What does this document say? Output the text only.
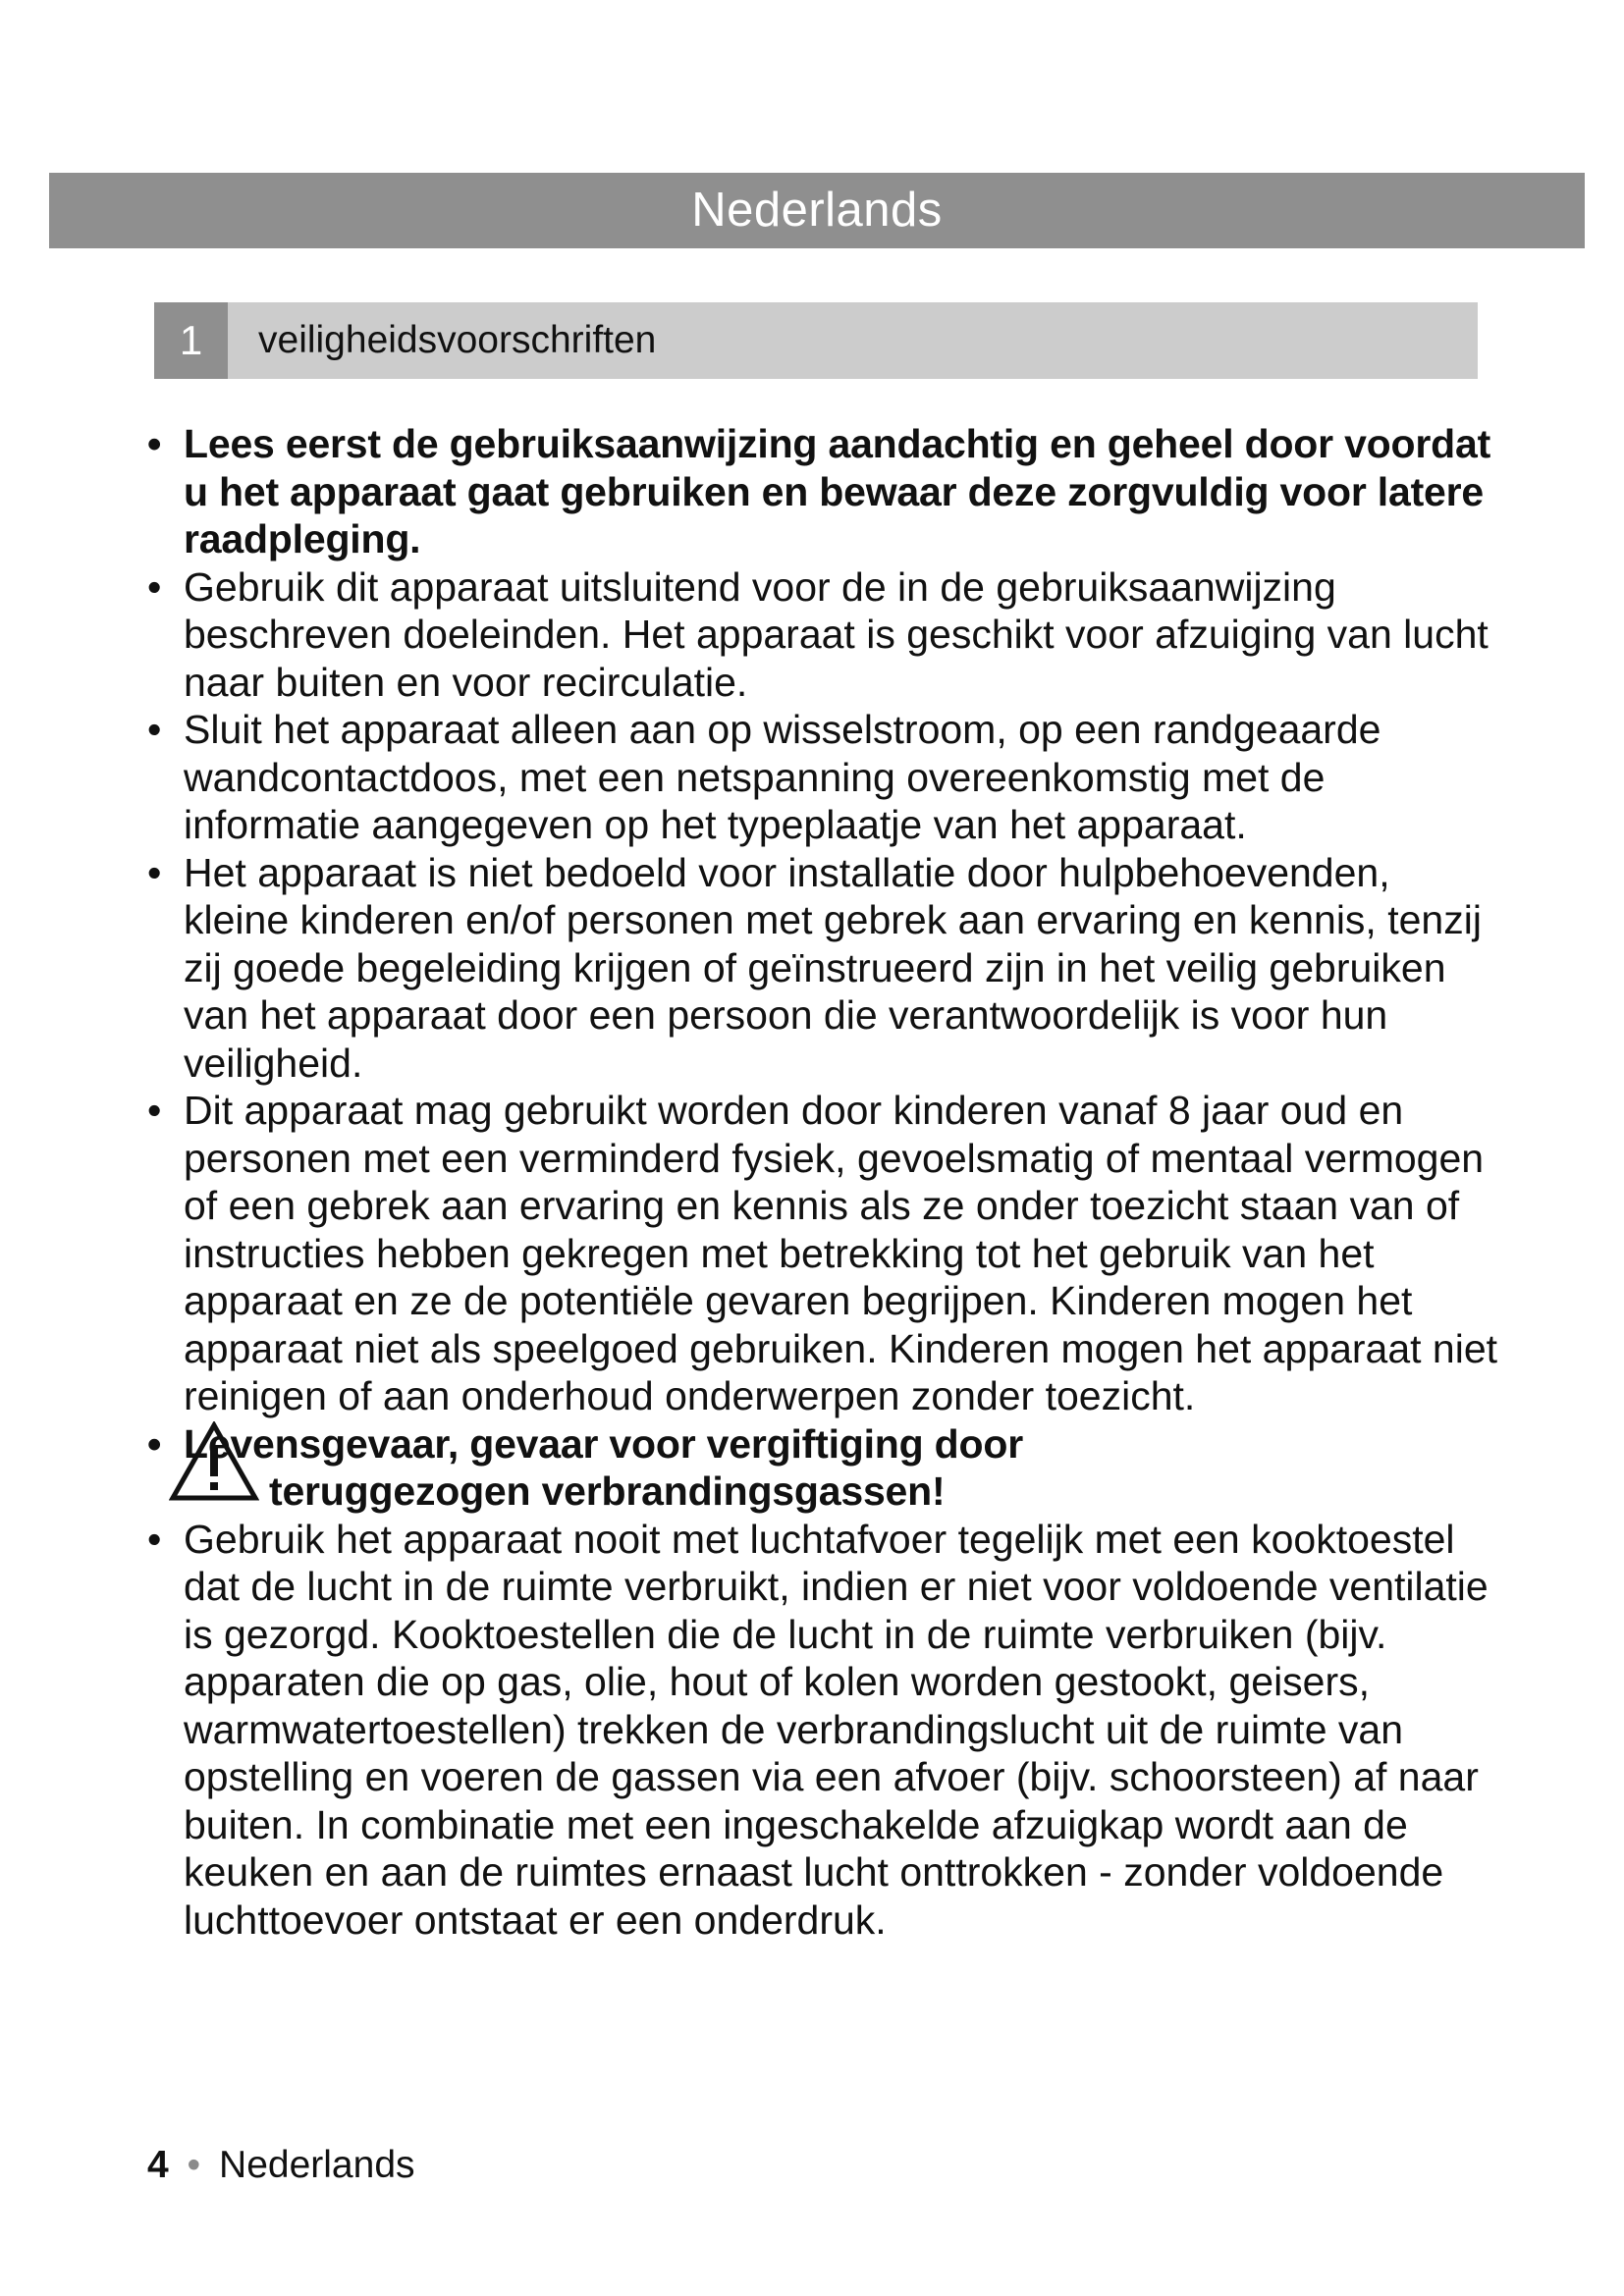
Nederlands
1	veiligheidsvoorschriften
• Lees eerst de gebruiksaanwijzing aandachtig en geheel door voordat u het apparaat gaat gebruiken en bewaar deze zorgvuldig voor latere raadpleging.
• Gebruik dit apparaat uitsluitend voor de in de gebruiksaanwijzing beschreven doeleinden. Het apparaat is geschikt voor afzuiging van lucht naar buiten en voor recirculatie.
• Sluit het apparaat alleen aan op wisselstroom, op een randgeaarde wandcontactdoos, met een netspanning overeenkomstig met de informatie aangegeven op het typeplaatje van het apparaat.
• Het apparaat is niet bedoeld voor installatie door hulpbehoevenden, kleine kinderen en/of personen met gebrek aan ervaring en kennis, tenzij zij goede begeleiding krijgen of geïnstrueerd zijn in het veilig gebruiken van het apparaat door een persoon die verantwoordelijk is voor hun veiligheid.
• Dit apparaat mag gebruikt worden door kinderen vanaf 8 jaar oud en personen met een verminderd fysiek, gevoelsmatig of mentaal vermogen of een gebrek aan ervaring en kennis als ze onder toezicht staan van of instructies hebben gekregen met betrekking tot het gebruik van het apparaat en ze de potentiële gevaren begrijpen. Kinderen mogen het apparaat niet als speelgoed gebruiken. Kinderen mogen het apparaat niet reinigen of aan onderhoud onderwerpen zonder toezicht.
• Levensgevaar, gevaar voor vergiftiging door
teruggezogen verbrandingsgassen!
• Gebruik het apparaat nooit met luchtafvoer tegelijk met een kooktoestel dat de lucht in de ruimte verbruikt, indien er niet voor voldoende ventilatie is gezorgd. Kooktoestellen die de lucht in de ruimte verbruiken (bijv. apparaten die op gas, olie, hout of kolen worden gestookt, geisers, warmwatertoestellen) trekken de verbrandingslucht uit de ruimte van opstelling en voeren de gassen via een afvoer (bijv. schoorsteen) af naar buiten. In combinatie met een ingeschakelde afzuigkap wordt aan de keuken en aan de ruimtes ernaast lucht onttrokken - zonder voldoende luchttoevoer ontstaat er een onderdruk.
4 • Nederlands
